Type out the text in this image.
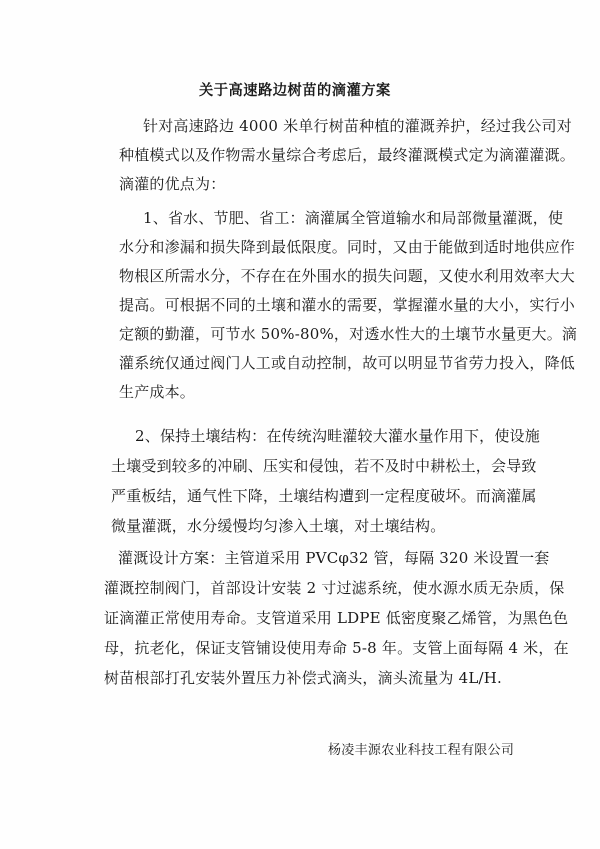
关于高速路边树苗的滴灌方案
针对高速路边 4000 米单行树苗种植的灌溉养护，经过我公司对
种植模式以及作物需水量综合考虑后，最终灌溉模式定为滴灌灌溉。
滴灌的优点为：
1、省水、节肥、省工：滴灌属全管道输水和局部微量灌溉，使
水分和渗漏和损失降到最低限度。同时，又由于能做到适时地供应作
物根区所需水分，不存在在外围水的损失问题，又使水利用效率大大
提高。可根据不同的土壤和灌水的需要，掌握灌水量的大小，实行小
定额的勤灌，可节水 50%-80%，对透水性大的土壤节水量更大。滴
灌系统仅通过阀门人工或自动控制，故可以明显节省劳力投入，降低
生产成本。
2、保持土壤结构：在传统沟畦灌较大灌水量作用下，使设施
土壤受到较多的冲刷、压实和侵蚀，若不及时中耕松土，会导致
严重板结，通气性下降，土壤结构遭到一定程度破坏。而滴灌属
微量灌溉，水分缓慢均匀渗入土壤，对土壤结构。
灌溉设计方案：主管道采用 PVCφ32 管，每隔 320 米设置一套
灌溉控制阀门，首部设计安装 2 寸过滤系统，使水源水质无杂质，保
证滴灌正常使用寿命。支管道采用 LDPE 低密度聚乙烯管，为黑色色
母，抗老化，保证支管铺设使用寿命 5-8 年。支管上面每隔 4 米，在
树苗根部打孔安装外置压力补偿式滴头，滴头流量为 4L/H.
杨凌丰源农业科技工程有限公司
